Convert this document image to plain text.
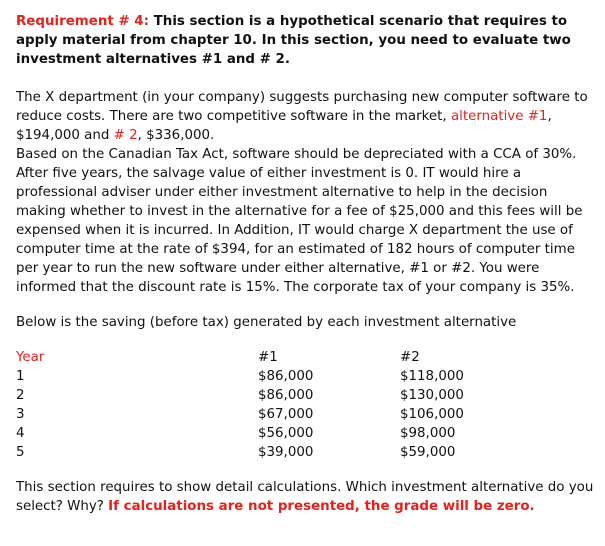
Requirement # 4: This section is a hypothetical scenario that requires to apply material from chapter 10. In this section, you need to evaluate two investment alternatives #1 and # 2.

The X department (in your company) suggests purchasing new computer software to reduce costs. There are two competitive software in the market, alternative #1, $194,000 and # 2, $336,000.

Based on the Canadian Tax Act, software should be depreciated with a CCA of 30%. After five years, the salvage value of either investment is 0. IT would hire a professional adviser under either investment alternative to help in the decision making whether to invest in the alternative for a fee of $25,000 and this fees will be expensed when it is incurred. In Addition, IT would charge X department the use of computer time at the rate of $394, for an estimated of 182 hours of computer time per year to run the new software under either alternative, #1 or #2. You were informed that the discount rate is 15%. The corporate tax of your company is 35%.

Below is the saving (before tax) generated by each investment alternative

Year	#1	#2
1	$86,000	$118,000
2	$86,000	$130,000
3	$67,000	$106,000
4	$56,000	$98,000
5	$39,000	$59,000

This section requires to show detail calculations. Which investment alternative do you select? Why? If calculations are not presented, the grade will be zero.
